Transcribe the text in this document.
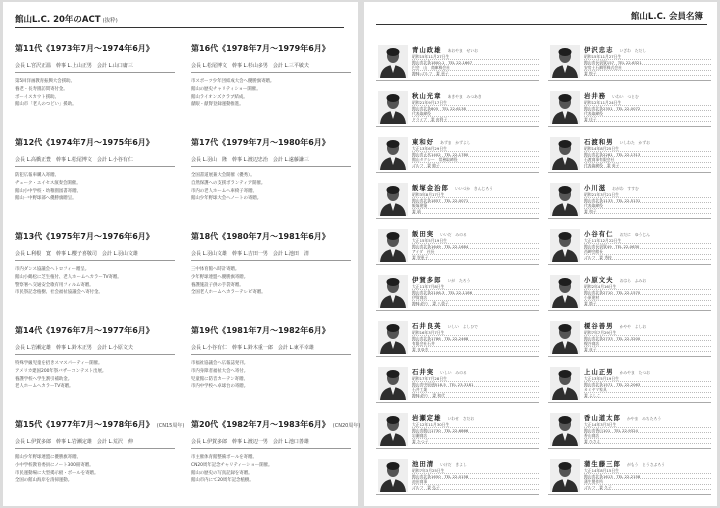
館山L.C. 20年のACT (抜粋)
第11代《1973年7月〜1974年6月》
会長 L.宮沢正温　幹事 L.上山正男　会計 L.山口庸三
第5回洋画教育振興大会援助。
養老・長寿園訪問寄付金。
ボーイスカウト援助。
館山市「老人のつどい」援助。
第16代《1978年7月〜1979年6月》
会長 L.松尾博文　幹事 L.杉山多男　会計 L.三平敏夫
市スポーツ少年団結成大会へ優勝旗寄贈。
館山の歴史チャリティショー開催。
館山ライオンズクラブ結成。
献眼・献腎登録運動推進。
第12代《1974年7月〜1975年6月》
会長 L.高橋正豊　幹事 L.松尾博文　会計 L.小谷有仁
防犯広報車購入寄贈。
ヂューク・エイセス演奏会開催。
館山小中学校・幼稚園図書寄贈。
館山一中野球部へ優勝旗贈呈。
第17代《1979年7月〜1980年6月》
会長 L.羽山　隆　幹事 L.渡辺忠治　会計 L.遠藤謙三
全国書道展兼大会開催（優秀）。
自然保護への支援ボランティア開催。
市内の老人ホームへ車椅子寄贈。
館山少年野球大会へノートの寄贈。
第13代《1975年7月〜1976年6月》
会長 L.利根　寛　幹事 L.櫻子喜敬司　会計 L.羽山文雄
市内ダンス協議会へトロフィー贈呈。
館山小鶴松に芝生植付、老人ホームへカラーTV寄贈。
警察署へ交通安全歌有用フィルム寄贈。
市民祭記念植樹、社会福祉協議会へ寄付金。
第18代《1980年7月〜1981年6月》
会長 L.羽山文雄　幹事 L.吉田一男　会計 L.池田　清
三中体育館へ時計寄贈。
少年野球連盟へ優勝旗寄贈。
養護施設子供の手袋寄贈。
全国老人ホームへカラーテレビ寄贈。
第14代《1976年7月〜1977年6月》
会長 L.岩瀬定雄　幹事 L.鈴木正男　会計 L.小原文夫
特殊学級児童を招きスマスパーティー開催。
アメリカ建国200年祭バザーコンテスト出展。
養護学校へ学生割引補助金。
老人ホームへカラーTV寄贈。
第19代《1981年7月〜1982年6月》
会長 L.小谷有仁　幹事 L.鈴木重一郎　会計 L.東平幸雄
市福祉協議会へ広報誌発刊。
市内身障者福祉大会へ寄付。
児童館に防音カーテン寄贈。
市内中学校へ卓球台の寄贈。
第15代《1977年7月〜1978年6月》 (CN15周年)
会長 L.伊賀多郎　幹事 L.岩瀬定雄　会計 L.荒沢　伸
館山少年野球連盟に優勝旗寄贈。
小中学校教育委員にノート300冊寄贈。
市民運動場に大型掲示板・ボールを寄贈。
全国の館山海岸を清掃運動。
第20代《1982年7月〜1983年6月》 (CN20周年)
会長 L.伊賀多郎　幹事 L.渡辺一男　会計 L.池口善雄
市主催体育館整備ボールを寄贈。
CN20周年記念チャリティーショー開催。
館山の歴史の写真記録を寄贈。
館山市内にて20周年記念植樹。
館山L.C. 会員名簿
青山政雄 あおやま　せいお
昭和15年11月27日生
館山市北条1800-1　TEL 22-1667
巴会　山　商庫株会社
趣味:ゴルフ　妻 恵子
伊沢忠志 いざわ　ただし
昭和15年11月27日生
館山市長須賀157　TEL 22-6321
安房土石鋼管株式会社
妻 悦子
秋山光章 あきやま　みつあき
昭和21年9月17日生
館山市北条805　TEL 22-6138
代表取締役
ドライブ　妻 由利子
岩井務 いわい　つとむ
昭和12年11月24日生
館山市北条2351　TEL 22-0072
代表取締役
妻 佳子
東和好 あずま　かずよし
大正13年6月29日生
館山市正木1402　TEL 22-1780
館山タクシー　常務取締役
ゴルフ　妻 敏子
石渡和男 いしわた　かずお
昭和14年8月25日生
館山市北条2281　TEL 22-1313
石渡商事有限会社
代表取締役　妻 英子
飯塚金治郎 いいづか　きんじろう
昭和3年8月17日生
館山市北条1857　TEL 22-0071
飯塚建築
妻 靖
小川滋 おがわ　すすむ
昭和21年3月21日生
館山市北条1133　TEL 22-5131
代表取締役
妻 和子
飯田実 いいだ　みのる
大正15年5月19日生
館山市北条1649　TEL 22-1684
アイダ　社長
妻 智恵子
小谷有仁 おだに　ゆうじん
大正11年12月22日生
館山市長須賀49　TEL 22-0630
西岬会館長
ゴルフ　妻 秀枝
伊賀多郎 いが　たろう
大正11年7月8日生
館山市北条2106-3　TEL 22-1186
伊賀商店
趣味:釣り　妻 八重子
小原文夫 おはら　ふみお
昭和2年4月16日生
館山市北条2710　TEL 22-1570
小原建材
妻 節子
石井良英 いしい　よしひで
昭和16年3月7日生
館山市北条1786　TEL 22-2468
有限会社石井
妻 まゆき
榎谷善男 かやや　よしお
昭和7年7月29日生
館山市北条2733　TEL 22-3200
榎谷商店
妻 貞子
石井実 いしい　みのる
昭和17年7月28日生
館山市中原通518-5　TEL 23-3181
石井工業
趣味:釣り　妻 和代
上山正男 かみやま　たつお
大正13年5月19日生
館山市北条1571　TEL 22-2063
カミヤマ家具
妻 よしこ
岩瀬定雄 いわせ　さだお
大正12年11月30日生
館山市館山1730　TEL 22-6866
岩瀬商店
妻 たつ子
香山道太郎 かやま　みちたろう
大正14年3月3日生
館山市香山101　TEL 22-9324
香山商店
妻 ひさえ
池田清 いけだ　きよし
昭和7年3月25日生
館山市北条1650　TEL 22-0158
池田商事
ゴルフ　妻 弘子
蒲生藤三郎 がもう　とうさぶろう
大正14年8月15日生
館山市北条1613　TEL 22-2158
蒲生製作所
ゴルフ　妻 久子
